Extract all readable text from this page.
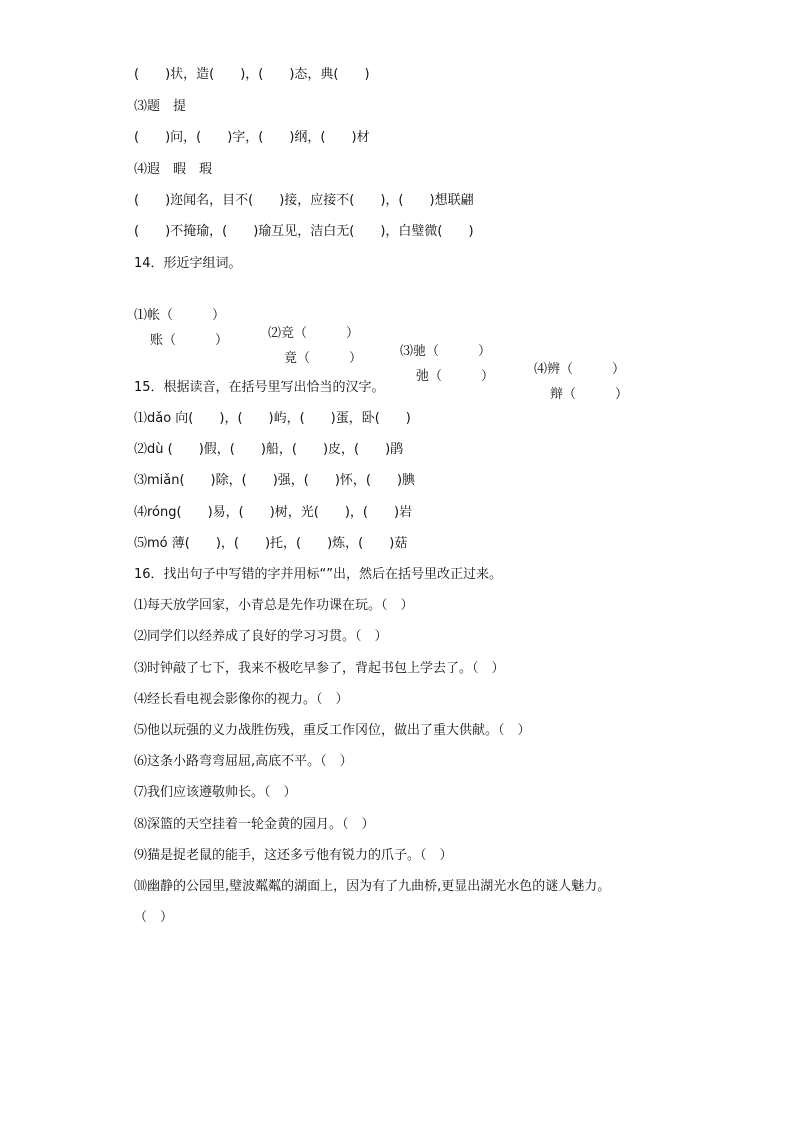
(　　)状，造(　　)，(　　)态，典(　　)
⑶题　提
(　　)问，(　　)字，(　　)纲，(　　)材
⑷遐　暇　瑕
(　　)迩闻名，目不(　　)接，应接不(　　)，(　　)想联翩
(　　)不掩瑜，(　　)瑜互见，洁白无(　　)，白璧微(　　)
14．形近字组词。

⑴帐（　　　）

⑵竞（　　　）

⑶驰（　　　）

⑷辨（　　　）

账（　　　）

竟（　　　）

弛（　　　）

辩（　　　）

15．根据读音，在括号里写出恰当的汉字。
⑴dǎo 向(　　)，(　　)屿，(　　)蛋，卧(　　)
⑵dù (　　)假，(　　)船，(　　)皮，(　　)鹃
⑶miǎn(　　)除，(　　)强，(　　)怀，(　　)腆
⑷róng(　　)易，(　　)树，光(　　)，(　　)岩
⑸mó 薄(　　)，(　　)托，(　　)炼，(　　)菇
16．找出句子中写错的字并用标“”出，然后在括号里改正过来。
⑴每天放学回家，小青总是先作功课在玩。（　）
⑵同学们以经养成了良好的学习习贯。（　）
⑶时钟敲了七下，我来不极吃早参了，背起书包上学去了。（　）
⑷经长看电视会影像你的视力。（　）
⑸他以玩强的义力战胜伤残，重反工作冈位，做出了重大供献。（　）
⑹这条小路弯弯屈屈,高底不平。（　）
⑺我们应该遵敬帅长。（　）
⑻深篮的天空挂着一轮金黄的园月。（　）
⑼猫是捉老鼠的能手，这还多亏他有锐力的爪子。（　）
⑽幽静的公园里,璧波粼粼的湖面上，因为有了九曲桥,更显出湖光水色的谜人魅力。
（　）
